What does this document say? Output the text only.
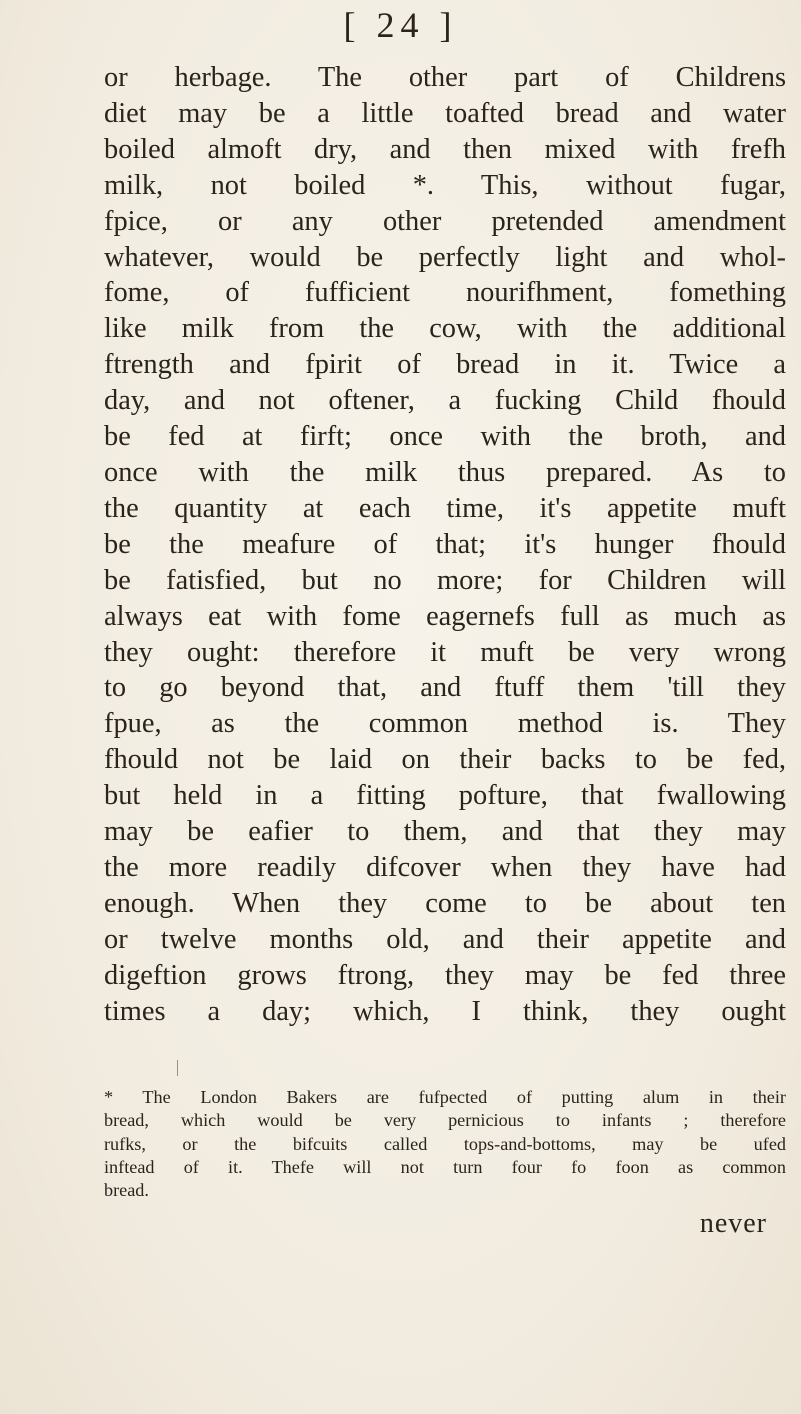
[ 24 ]
or herbage. The other part of Childrens
diet may be a little toafted bread and water
boiled almoft dry, and then mixed with frefh
milk, not boiled *. This, without fugar,
fpice, or any other pretended amendment
whatever, would be perfectly light and whol-
fome, of fufficient nourifhment, fomething
like milk from the cow, with the additional
ftrength and fpirit of bread in it. Twice a
day, and not oftener, a fucking Child fhould
be fed at firft; once with the broth, and
once with the milk thus prepared. As to
the quantity at each time, it's appetite muft
be the meafure of that; it's hunger fhould
be fatisfied, but no more; for Children will
always eat with fome eagernefs full as much as
they ought: therefore it muft be very wrong
to go beyond that, and ftuff them 'till they
fpue, as the common method is. They
fhould not be laid on their backs to be fed,
but held in a fitting pofture, that fwallowing
may be eafier to them, and that they may
the more readily difcover when they have had
enough. When they come to be about ten
or twelve months old, and their appetite and
digeftion grows ftrong, they may be fed three
times a day; which, I think, they ought
* The London Bakers are fufpected of putting alum in their
bread, which would be very pernicious to infants ; therefore
rufks, or the bifcuits called tops-and-bottoms, may be ufed
inftead of it. Thefe will not turn four fo foon as common
bread.
never
